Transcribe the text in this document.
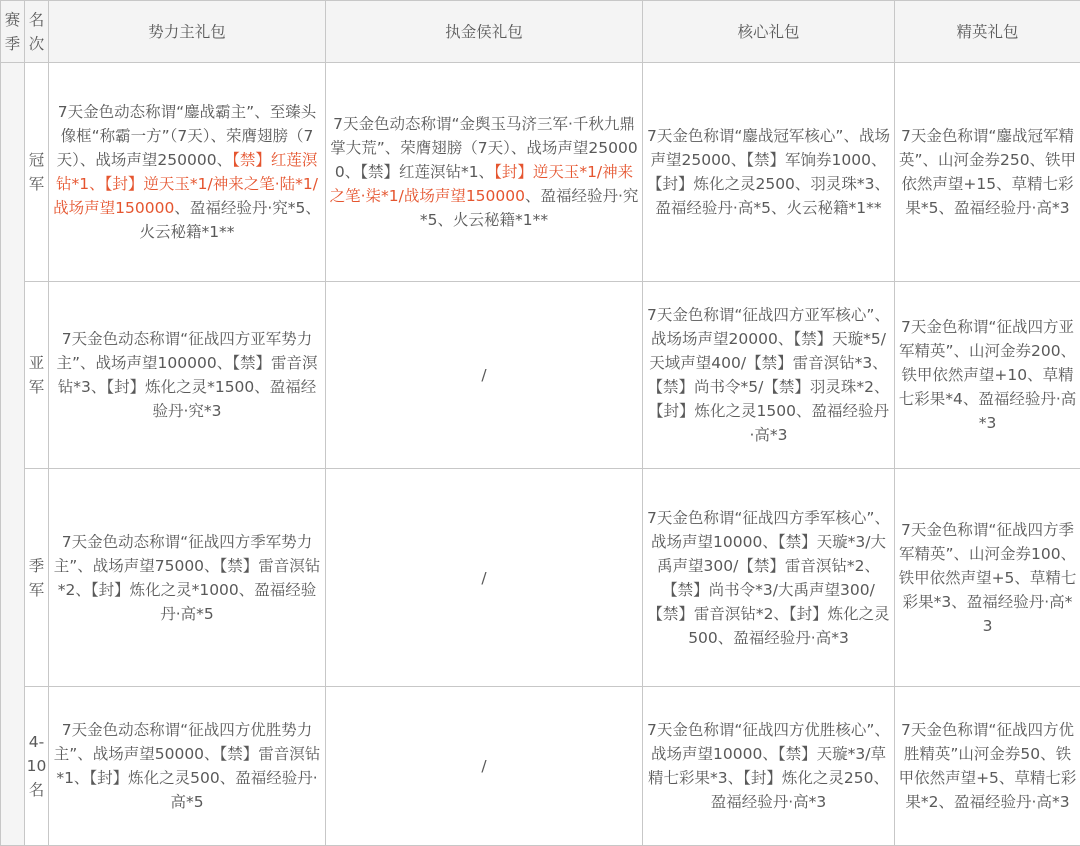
赛季	名次	势力主礼包	执金侯礼包	核心礼包	精英礼包
	冠军	7天金色动态称谓“鏖战霸主”、至臻头像框“称霸一方”（7天）、荣膺翅膀（7天）、战场声望250000、【禁】红莲溟钻*1、【封】逆天玉*1/神来之笔·陆*1/战场声望150000、盈福经验丹·究*5、火云秘籍*1**	7天金色动态称谓“金舆玉马济三军·千秋九鼎掌大荒”、荣膺翅膀（7天）、战场声望250000、【禁】红莲溟钻*1、【封】逆天玉*1/神来之笔·柒*1/战场声望150000、盈福经验丹·究*5、火云秘籍*1**	7天金色称谓“鏖战冠军核心”、战场声望25000、【禁】军饷券1000、【封】炼化之灵2500、羽灵珠*3、盈福经验丹·高*5、火云秘籍*1**	7天金色称谓“鏖战冠军精英”、山河金券250、铁甲依然声望+15、草精七彩果*5、盈福经验丹·高*3
	亚军	7天金色动态称谓“征战四方亚军势力主”、战场声望100000、【禁】雷音溟钻*3、【封】炼化之灵*1500、盈福经验丹·究*3	/	7天金色称谓“征战四方亚军核心”、战场场声望20000、【禁】天璇*5/天域声望400/【禁】雷音溟钻*3、【禁】尚书令*5/【禁】羽灵珠*2、【封】炼化之灵1500、盈福经验丹·高*3	7天金色称谓“征战四方亚军精英”、山河金券200、铁甲依然声望+10、草精七彩果*4、盈福经验丹·高*3
	季军	7天金色动态称谓“征战四方季军势力主”、战场声望75000、【禁】雷音溟钻*2、【封】炼化之灵*1000、盈福经验丹·高*5	/	7天金色称谓“征战四方季军核心”、战场声望10000、【禁】天璇*3/大禹声望300/【禁】雷音溟钻*2、【禁】尚书令*3/大禹声望300/【禁】雷音溟钻*2、【封】炼化之灵500、盈福经验丹·高*3	7天金色称谓“征战四方季军精英”、山河金券100、铁甲依然声望+5、草精七彩果*3、盈福经验丹·高*3
	4-10名	7天金色动态称谓“征战四方优胜势力主”、战场声望50000、【禁】雷音溟钻*1、【封】炼化之灵500、盈福经验丹·高*5	/	7天金色称谓“征战四方优胜核心”、战场声望10000、【禁】天璇*3/草精七彩果*3、【封】炼化之灵250、盈福经验丹·高*3	7天金色称谓“征战四方优胜精英”山河金券50、铁甲依然声望+5、草精七彩果*2、盈福经验丹·高*3
